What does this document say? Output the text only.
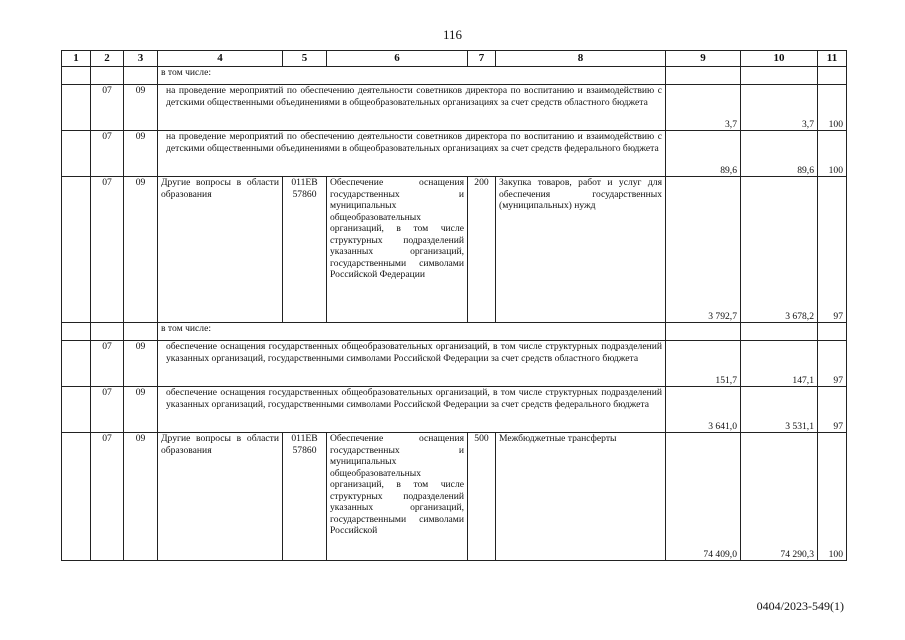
116
1	2	3	4	5	6	7	8	9	10	11
			в том числе:							
	07	09	на проведение мероприятий по обеспечению деятельности советников директора по воспитанию и взаимодействию с детскими общественными объединениями в общеобразовательных организациях за счет средств областного бюджета					3,7	3,7	100
	07	09	на проведение мероприятий по обеспечению деятельности советников директора по воспитанию и взаимодействию с детскими общественными объединениями в общеобразовательных организациях за счет средств федерального бюджета					89,6	89,6	100
	07	09	Другие вопросы в области образования	011ЕВ 57860	Обеспечение оснащения государственных и муниципальных общеобразовательных организаций, в том числе структурных подразделений указанных организаций, государственными символами Российской Федерации	200	Закупка товаров, работ и услуг для обеспечения государственных (муниципальных) нужд	3 792,7	3 678,2	97
			в том числе:							
	07	09	обеспечение оснащения государственных общеобразовательных организаций, в том числе структурных подразделений указанных организаций, государственными символами Российской Федерации за счет средств областного бюджета					151,7	147,1	97
	07	09	обеспечение оснащения государственных общеобразовательных организаций, в том числе структурных подразделений указанных организаций, государственными символами Российской Федерации за счет средств федерального бюджета					3 641,0	3 531,1	97
	07	09	Другие вопросы в области образования	011ЕВ 57860	Обеспечение оснащения государственных и муниципальных общеобразовательных организаций, в том числе структурных подразделений указанных организаций, государственными символами Российской	500	Межбюджетные трансферты	74 409,0	74 290,3	100
0404/2023-549(1)
